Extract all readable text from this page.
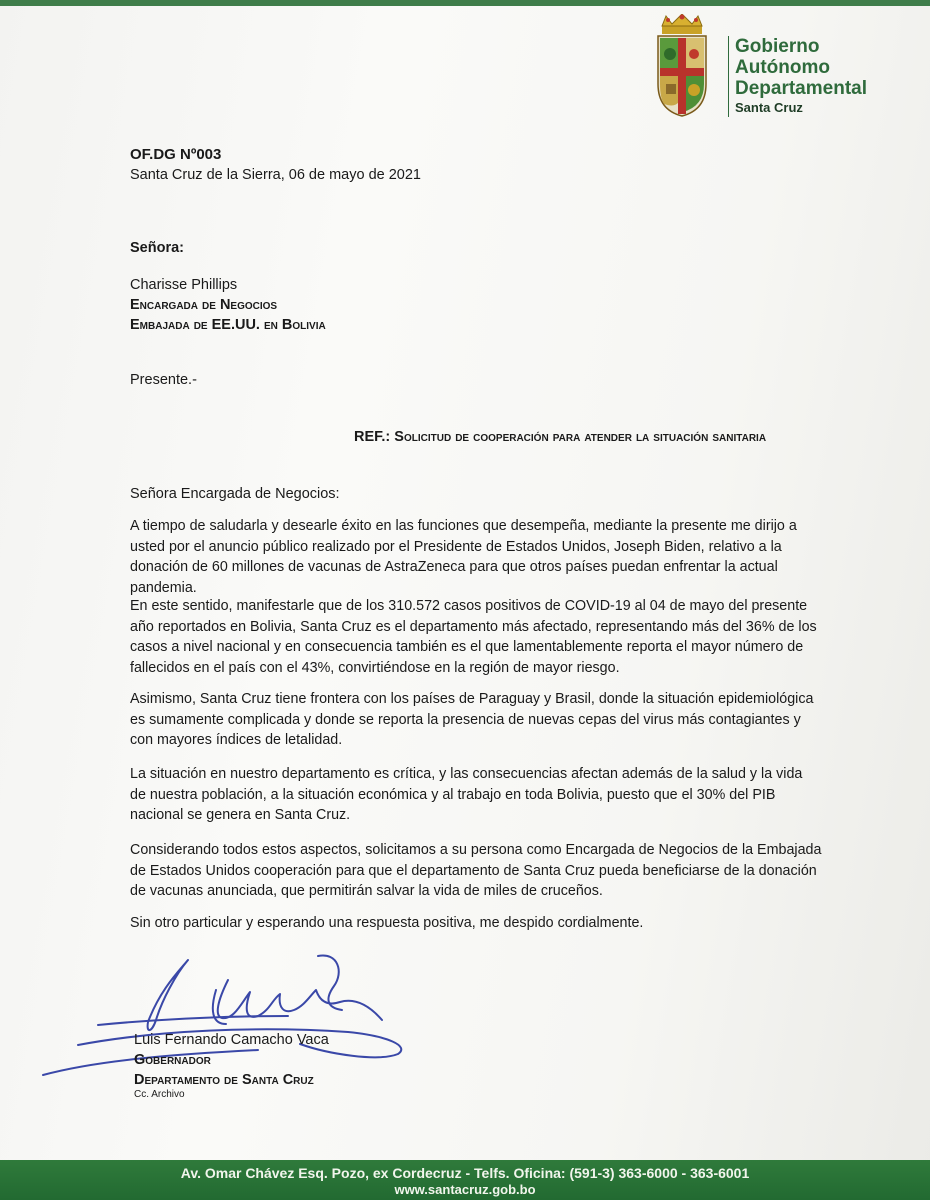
Gobierno
Autónomo
Departamental
Santa Cruz
OF.DG Nº003
Santa Cruz de la Sierra, 06 de mayo de 2021
Señora:
Charisse Phillips
Encargada de Negocios
Embajada de EE.UU. en Bolivia
Presente.-
REF.: Solicitud de cooperación para atender la situación sanitaria
Señora Encargada de Negocios:
A tiempo de saludarla y desearle éxito en las funciones que desempeña, mediante la presente me dirijo a usted por el anuncio público realizado por el Presidente de Estados Unidos, Joseph Biden, relativo a la donación de 60 millones de vacunas de AstraZeneca para que otros países puedan enfrentar la actual pandemia.
En este sentido, manifestarle que de los 310.572 casos positivos de COVID-19 al 04 de mayo del presente año reportados en Bolivia, Santa Cruz es el departamento más afectado, representando más del 36% de los casos a nivel nacional y en consecuencia también es el que lamentablemente reporta el mayor número de fallecidos en el país con el 43%, convirtiéndose en la región de mayor riesgo.
Asimismo, Santa Cruz tiene frontera con los países de Paraguay y Brasil, donde la situación epidemiológica es sumamente complicada y donde se reporta la presencia de nuevas cepas del virus más contagiantes y con mayores índices de letalidad.
La situación en nuestro departamento es crítica, y las consecuencias afectan además de la salud y la vida de nuestra población, a la situación económica y al trabajo en toda Bolivia, puesto que el 30% del PIB nacional se genera en Santa Cruz.
Considerando todos estos aspectos, solicitamos a su persona como Encargada de Negocios de la Embajada de Estados Unidos cooperación para que el departamento de Santa Cruz pueda beneficiarse de la donación de vacunas anunciada, que permitirán salvar la vida de miles de cruceños.
Sin otro particular y esperando una respuesta positiva, me despido cordialmente.
Luis Fernando Camacho Vaca
Gobernador
Departamento de Santa Cruz
Cc. Archivo
Av. Omar Chávez Esq. Pozo, ex Cordecruz - Telfs. Oficina: (591-3) 363-6000 - 363-6001
www.santacruz.gob.bo
